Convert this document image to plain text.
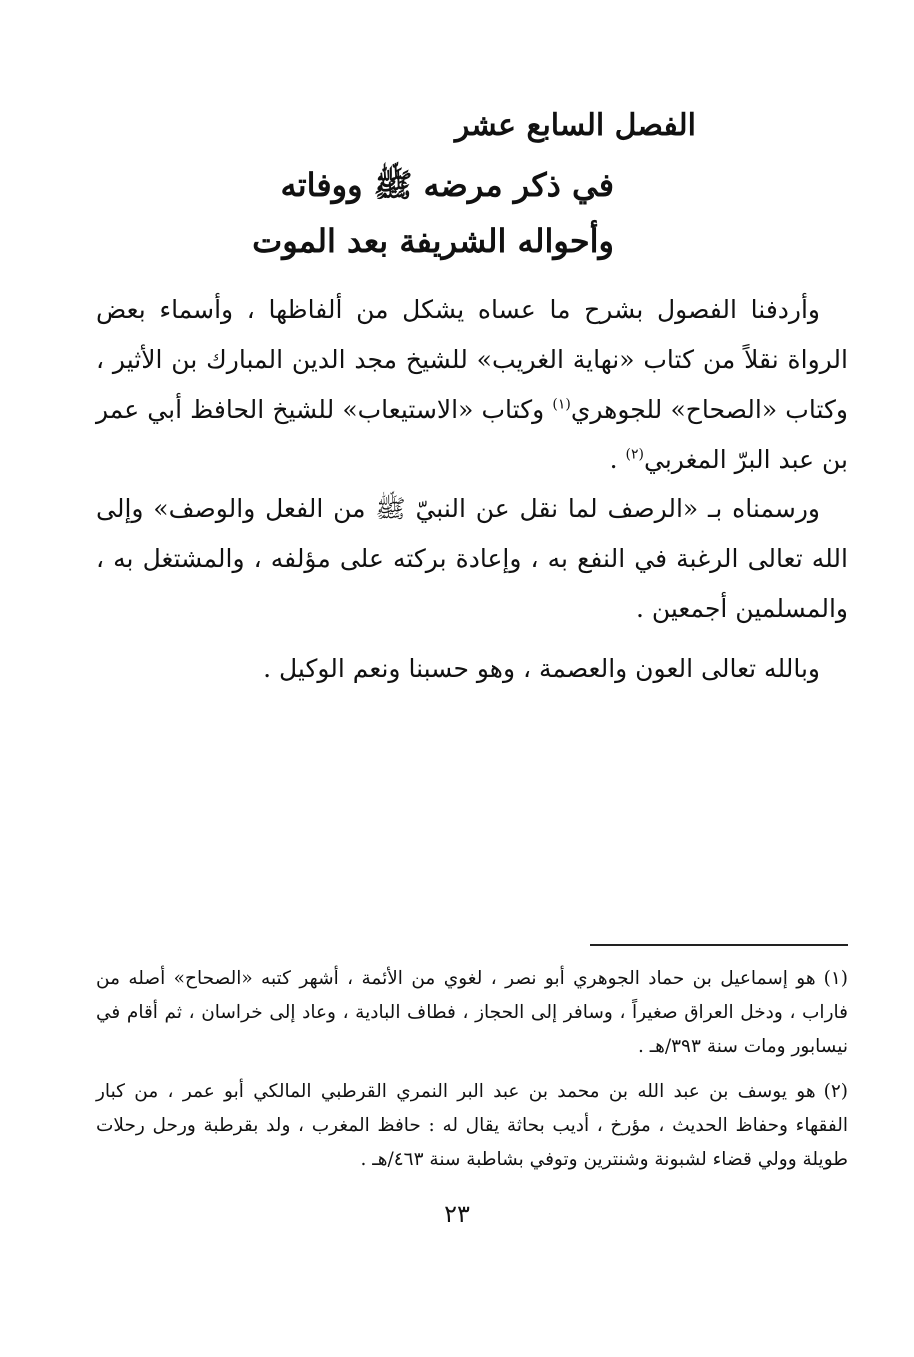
الفصل السابع عشر
في ذكر مرضه ﷺ ووفاته
وأحواله الشريفة بعد الموت
وأردفنا الفصول بشرح ما عساه يشكل من ألفاظها ، وأسماء بعض الرواة نقلاً من كتاب «نهاية الغريب» للشيخ مجد الدين المبارك بن الأثير ، وكتاب «الصحاح» للجوهري$^{(١)}$ وكتاب «الاستيعاب» للشيخ الحافظ أبي عمر بن عبد البرّ المغربي$^{(٢)}$ .
ورسمناه بـ «الرصف لما نقل عن النبيّ ﷺ من الفعل والوصف» وإلى الله تعالى الرغبة في النفع به ، وإعادة بركته على مؤلفه ، والمشتغل به ، والمسلمين أجمعين .
وبالله تعالى العون والعصمة ، وهو حسبنا ونعم الوكيل .
(١)هو إسماعيل بن حماد الجوهري أبو نصر ، لغوي من الأئمة ، أشهر كتبه «الصحاح» أصله من فاراب ، ودخل العراق صغيراً ، وسافر إلى الحجاز ، فطاف البادية ، وعاد إلى خراسان ، ثم أقام في نيسابور ومات سنة ٣٩٣/هـ .
(٢)هو يوسف بن عبد الله بن محمد بن عبد البر النمري القرطبي المالكي أبو عمر ، من كبار الفقهاء وحفاظ الحديث ، مؤرخ ، أديب بحاثة يقال له : حافظ المغرب ، ولد بقرطبة ورحل رحلات طويلة وولي قضاء لشبونة وشنترين وتوفي بشاطبة سنة ٤٦٣/هـ .
٢٣
